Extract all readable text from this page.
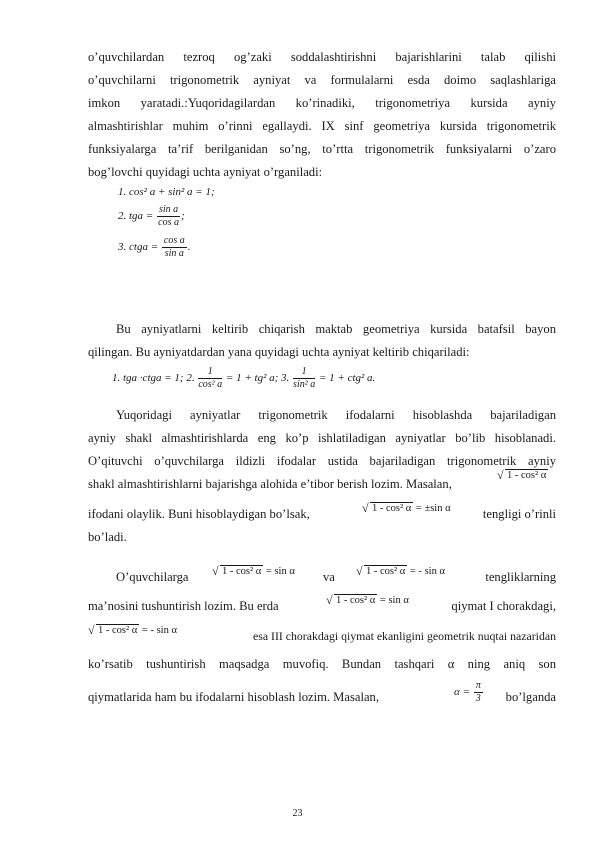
o’quvchilardan tezroq og’zaki soddalashtirishni bajarishlarini talab qilishi
o’quvchilarni trigonometrik ayniyat va formulalarni esda doimo saqlashlariga
imkon yaratadi.:Yuqoridagilardan ko’rinadiki, trigonometriya kursida ayniy
almashtirishlar muhim o’rinni egallaydi. IX sinf geometriya kursida trigonometrik
funksiyalarga ta’rif berilganidan so’ng, to’rtta trigonometrik funksiyalarni o’zaro
bog’lovchi quyidagi uchta ayniyat o’rganiladi:
1. cos² a + sin² a = 1;
2. tga = $\frac{\text{sin a}}{\text{cos a}}$ ;
3. ctga = $\frac{\text{cos a}}{\text{sin a}}$ .
Bu ayniyatlarni keltirib chiqarish maktab geometriya kursida batafsil bayon
qilingan. Bu ayniyatdardan yana quyidagi uchta ayniyat keltirib chiqariladi:
1. tga ·ctga = 1; 2. $\frac{1}{\text{cos² a}} = 1 + tg^2$ a; 3. $\frac{1}{\text{sin² a}} = 1 + ctg^2$ a.
Yuqoridagi ayniyatlar trigonometrik ifodalarni hisoblashda bajariladigan
ayniy shakl almashtirishlarda eng ko’p ishlatiladigan ayniyatlar bo’lib hisoblanadi.
O’qituvchi o’quvchilarga ildizli ifodalar ustida bajariladigan trigonometrik ayniy
shakl almashtirishlarni bajarishga alohida e’tibor berish lozim. Masalan,
√ 1 - cos² α
ifodani olaylik. Buni hisoblaydigan bo’lsak,	√ 1 - cos² α = ±sin α	tengligi o’rinli
bo’ladi.
O’quvchilarga	√ 1 - cos² α = sin α va	√ 1 - cos² α = - sin α	tengliklarning
ma’nosini tushuntirish lozim. Bu erda	√ 1 - cos² α = sin α	qiymat I chorakdagi,
√ 1 - cos² α = - sin α	esa III chorakdagi qiymat ekanligini geometrik nuqtai nazaridan
ko’rsatib tushuntirish maqsadga muvofiq. Bundan tashqari α ning aniq son
qiymatlarida ham bu ifodalarni hisoblash lozim. Masalan,	$\alpha = \frac{\pi}{3}$	bo’lganda
23
